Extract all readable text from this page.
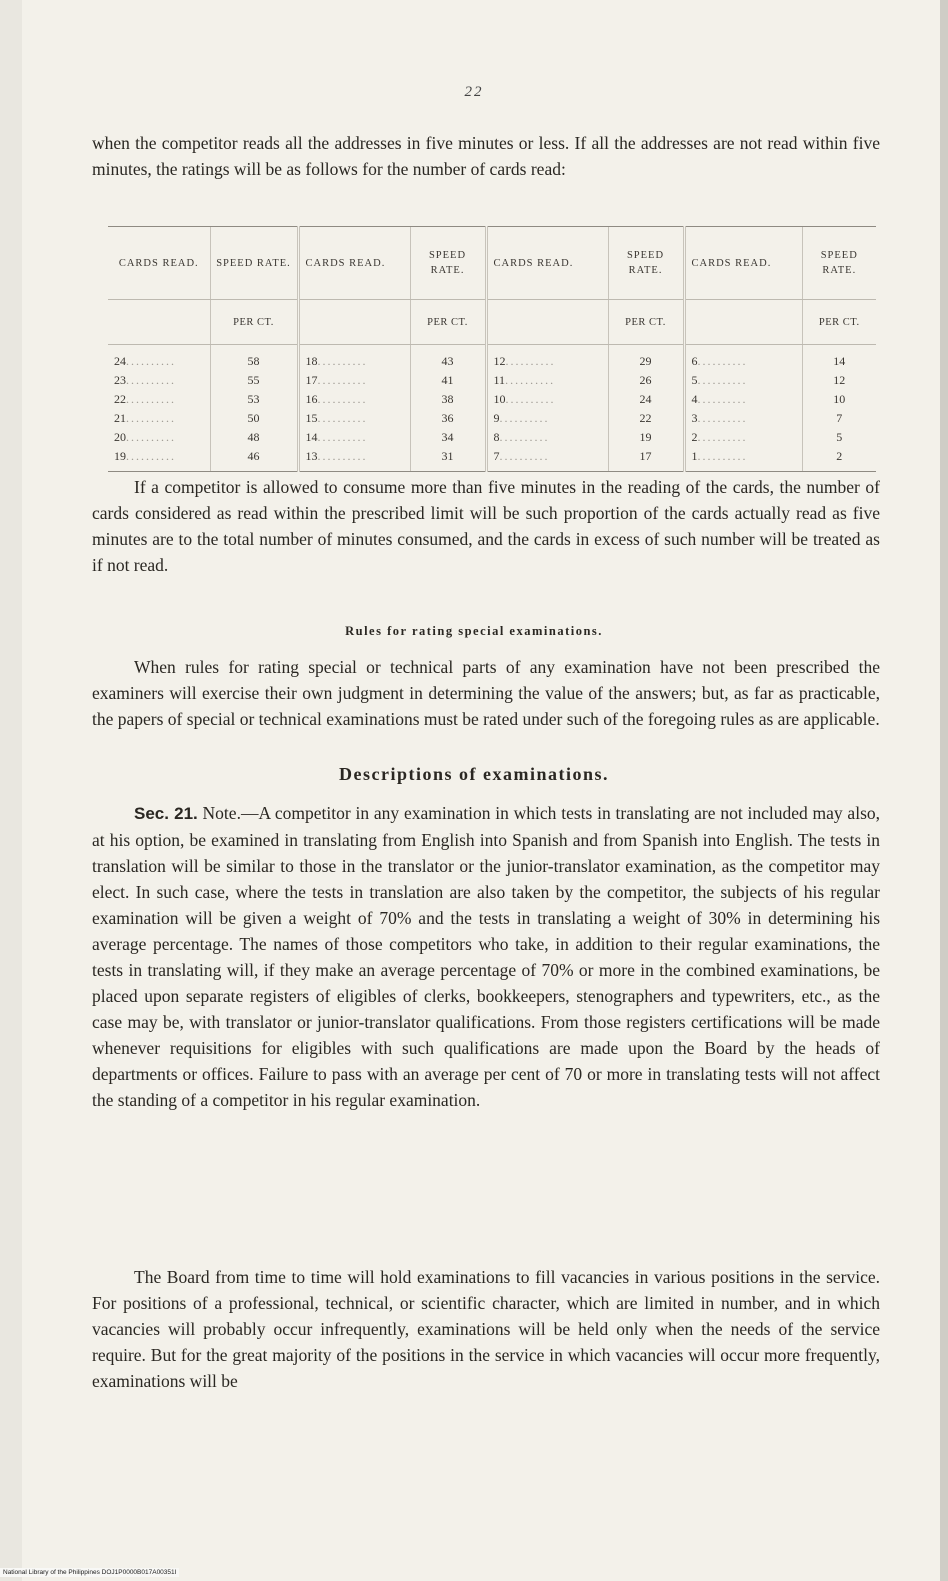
22

when the competitor reads all the addresses in five minutes or less. If all the addresses are not read within five minutes, the ratings will be as follows for the number of cards read:

CARDS READ.	SPEED RATE.	CARDS READ.	SPEED RATE.	CARDS READ.	SPEED RATE.	CARDS READ.	SPEED RATE.
	PER CT.		PER CT.		PER CT.		PER CT.
24..........	58	18..........	43	12..........	29	6..........	14
23..........	55	17..........	41	11..........	26	5..........	12
22..........	53	16..........	38	10..........	24	4..........	10
21..........	50	15..........	36	9..........	22	3..........	7
20..........	48	14..........	34	8..........	19	2..........	5
19..........	46	13..........	31	7..........	17	1..........	2

If a competitor is allowed to consume more than five minutes in the reading of the cards, the number of cards considered as read within the prescribed limit will be such proportion of the cards actually read as five minutes are to the total number of minutes consumed, and the cards in excess of such number will be treated as if not read.

Rules for rating special examinations.

When rules for rating special or technical parts of any examination have not been prescribed the examiners will exercise their own judgment in determining the value of the answers; but, as far as practicable, the papers of special or technical examinations must be rated under such of the foregoing rules as are applicable.

Descriptions of examinations.

Sec. 21. Note.—A competitor in any examination in which tests in translating are not included may also, at his option, be examined in translating from English into Spanish and from Spanish into English. The tests in translation will be similar to those in the translator or the junior-translator examination, as the competitor may elect. In such case, where the tests in translation are also taken by the competitor, the subjects of his regular examination will be given a weight of 70% and the tests in translating a weight of 30% in determining his average percentage. The names of those competitors who take, in addition to their regular examinations, the tests in translating will, if they make an average percentage of 70% or more in the combined examinations, be placed upon separate registers of eligibles of clerks, bookkeepers, stenographers and typewriters, etc., as the case may be, with translator or junior-translator qualifications. From those registers certifications will be made whenever requisitions for eligibles with such qualifications are made upon the Board by the heads of departments or offices. Failure to pass with an average per cent of 70 or more in translating tests will not affect the standing of a competitor in his regular examination.

The Board from time to time will hold examinations to fill vacancies in various positions in the service. For positions of a professional, technical, or scientific character, which are limited in number, and in which vacancies will probably occur infrequently, examinations will be held only when the needs of the service require. But for the great majority of the positions in the service in which vacancies will occur more frequently, examinations will be

National Library of the Philippines DOJ1P0000B017A00351I
